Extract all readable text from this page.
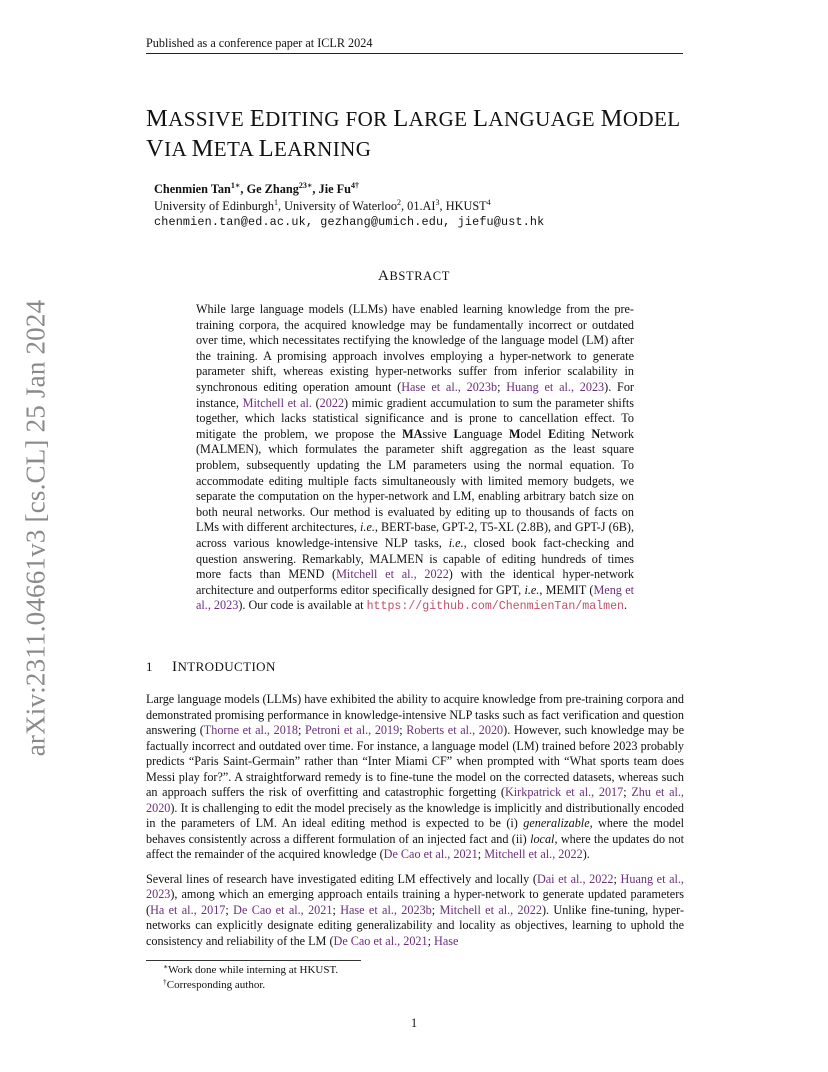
Published as a conference paper at ICLR 2024
arXiv:2311.04661v3 [cs.CL] 25 Jan 2024
MASSIVE EDITING FOR LARGE LANGUAGE MODEL
VIA META LEARNING
Chenmien Tan$^{1∗}$, Ge Zhang$^{23∗}$, Jie $Fu^{4\dagger}$
University of Edinburgh$^1$, University of Waterloo$^2$, $01.AI^3$, HKUST$^4$
chenmien.tan@ed.ac.uk, gezhang@umich.edu, jiefu@ust.hk
ABSTRACT

While large language models (LLMs) have enabled learning knowledge from the pre-training corpora, the acquired knowledge may be fundamentally incorrect or outdated over time, which necessitates rectifying the knowledge of the language model (LM) after the training. A promising approach involves employing a hyper-network to generate parameter shift, whereas existing hyper-networks suffer from inferior scalability in synchronous editing operation amount (Hase et al., 2023b; Huang et al., 2023). For instance, Mitchell et al. (2022) mimic gradient accumulation to sum the parameter shifts together, which lacks statistical significance and is prone to cancellation effect. To mitigate the problem, we propose the MAssive Language Model Editing Network (MALMEN), which formulates the parameter shift aggregation as the least square problem, subsequently updating the LM parameters using the normal equation. To accommodate editing multiple facts simultaneously with limited memory budgets, we separate the computation on the hyper-network and LM, enabling arbitrary batch size on both neural networks. Our method is evaluated by editing up to thousands of facts on LMs with different architectures, i.e., BERT-base, GPT-2, T5-XL (2.8B), and GPT-J (6B), across various knowledge-intensive NLP tasks, i.e., closed book fact-checking and question answering. Remarkably, MALMEN is capable of editing hundreds of times more facts than MEND (Mitchell et al., 2022) with the identical hyper-network architecture and outperforms editor specifically designed for GPT, i.e., MEMIT (Meng et al., 2023). Our code is available at https://github.com/ChenmienTan/malmen.

1 INTRODUCTION

Large language models (LLMs) have exhibited the ability to acquire knowledge from pre-training corpora and demonstrated promising performance in knowledge-intensive NLP tasks such as fact verification and question answering (Thorne et al., 2018; Petroni et al., 2019; Roberts et al., 2020). However, such knowledge may be factually incorrect and outdated over time. For instance, a language model (LM) trained before 2023 probably predicts “Paris Saint-Germain” rather than “Inter Miami CF” when prompted with “What sports team does Messi play for?”. A straightforward remedy is to fine-tune the model on the corrected datasets, whereas such an approach suffers the risk of overfitting and catastrophic forgetting (Kirkpatrick et al., 2017; Zhu et al., 2020). It is challenging to edit the model precisely as the knowledge is implicitly and distributionally encoded in the parameters of LM. An ideal editing method is expected to be (i) generalizable, where the model behaves consistently across a different formulation of an injected fact and (ii) local, where the updates do not affect the remainder of the acquired knowledge (De Cao et al., 2021; Mitchell et al., 2022).

Several lines of research have investigated editing LM effectively and locally (Dai et al., 2022; Huang et al., 2023), among which an emerging approach entails training a hyper-network to generate updated parameters (Ha et al., 2017; De Cao et al., 2021; Hase et al., 2023b; Mitchell et al., 2022). Unlike fine-tuning, hyper-networks can explicitly designate editing generalizability and locality as objectives, learning to uphold the consistency and reliability of the LM (De Cao et al., 2021; Hase

∗Work done while interning at HKUST.
†Corresponding author.
1
